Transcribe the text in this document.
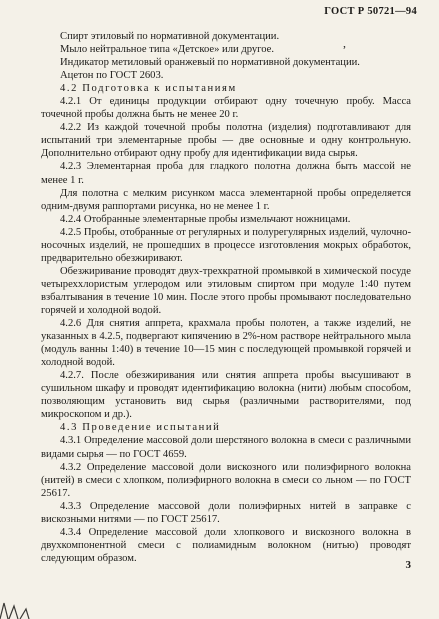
ГОСТ Р 50721—94
,

Спирт этиловый по нормативной документации.

Мыло нейтральное типа «Детское» или другое.

Индикатор метиловый оранжевый по нормативной документации.

Ацетон по ГОСТ 2603.

4.2 Подготовка к испытаниям

4.2.1 От единицы продукции отбирают одну точечную пробу. Масса точечной пробы должна быть не менее 20 г.

4.2.2 Из каждой точечной пробы полотна (изделия) подготавливают для испытаний три элементарные пробы — две основные и одну контрольную. Дополнительно отбирают одну пробу для идентификации вида сырья.

4.2.3 Элементарная проба для гладкого полотна должна быть массой не менее 1 г.

Для полотна с мелким рисунком масса элементарной пробы определяется одним-двумя раппортами рисунка, но не менее 1 г.

4.2.4 Отобранные элементарные пробы измельчают ножницами.

4.2.5 Пробы, отобранные от регулярных и полурегулярных изделий, чулочно-носочных изделий, не прошедших в процессе изготовления мокрых обработок, предварительно обезжиривают.

Обезжиривание проводят двух-трехкратной промывкой в химической посуде четыреххлористым углеродом или этиловым спиртом при модуле 1:40 путем взбалтывания в течение 10 мин. После этого пробы промывают последовательно горячей и холодной водой.

4.2.6 Для снятия аппрета, крахмала пробы полотен, а также изделий, не указанных в 4.2.5, подвергают кипячению в 2%-ном растворе нейтрального мыла (модуль ванны 1:40) в течение 10—15 мин с последующей промывкой горячей и холодной водой.

4.2.7. После обезжиривания или снятия аппрета пробы высушивают в сушильном шкафу и проводят идентификацию волокна (нити) любым способом, позволяющим установить вид сырья (различными растворителями, под микроскопом и др.).

4.3 Проведение испытаний

4.3.1 Определение массовой доли шерстяного волокна в смеси с различными видами сырья — по ГОСТ 4659.

4.3.2 Определение массовой доли вискозного или полиэфирного волокна (нитей) в смеси с хлопком, полиэфирного волокна в смеси со льном — по ГОСТ 25617.

4.3.3 Определение массовой доли полиэфирных нитей в заправке с вискозными нитями — по ГОСТ 25617.

4.3.4 Определение массовой доли хлопкового и вискозного волокна в двухкомпонентной смеси с полиамидным волокном (нитью) проводят следующим образом.

3
